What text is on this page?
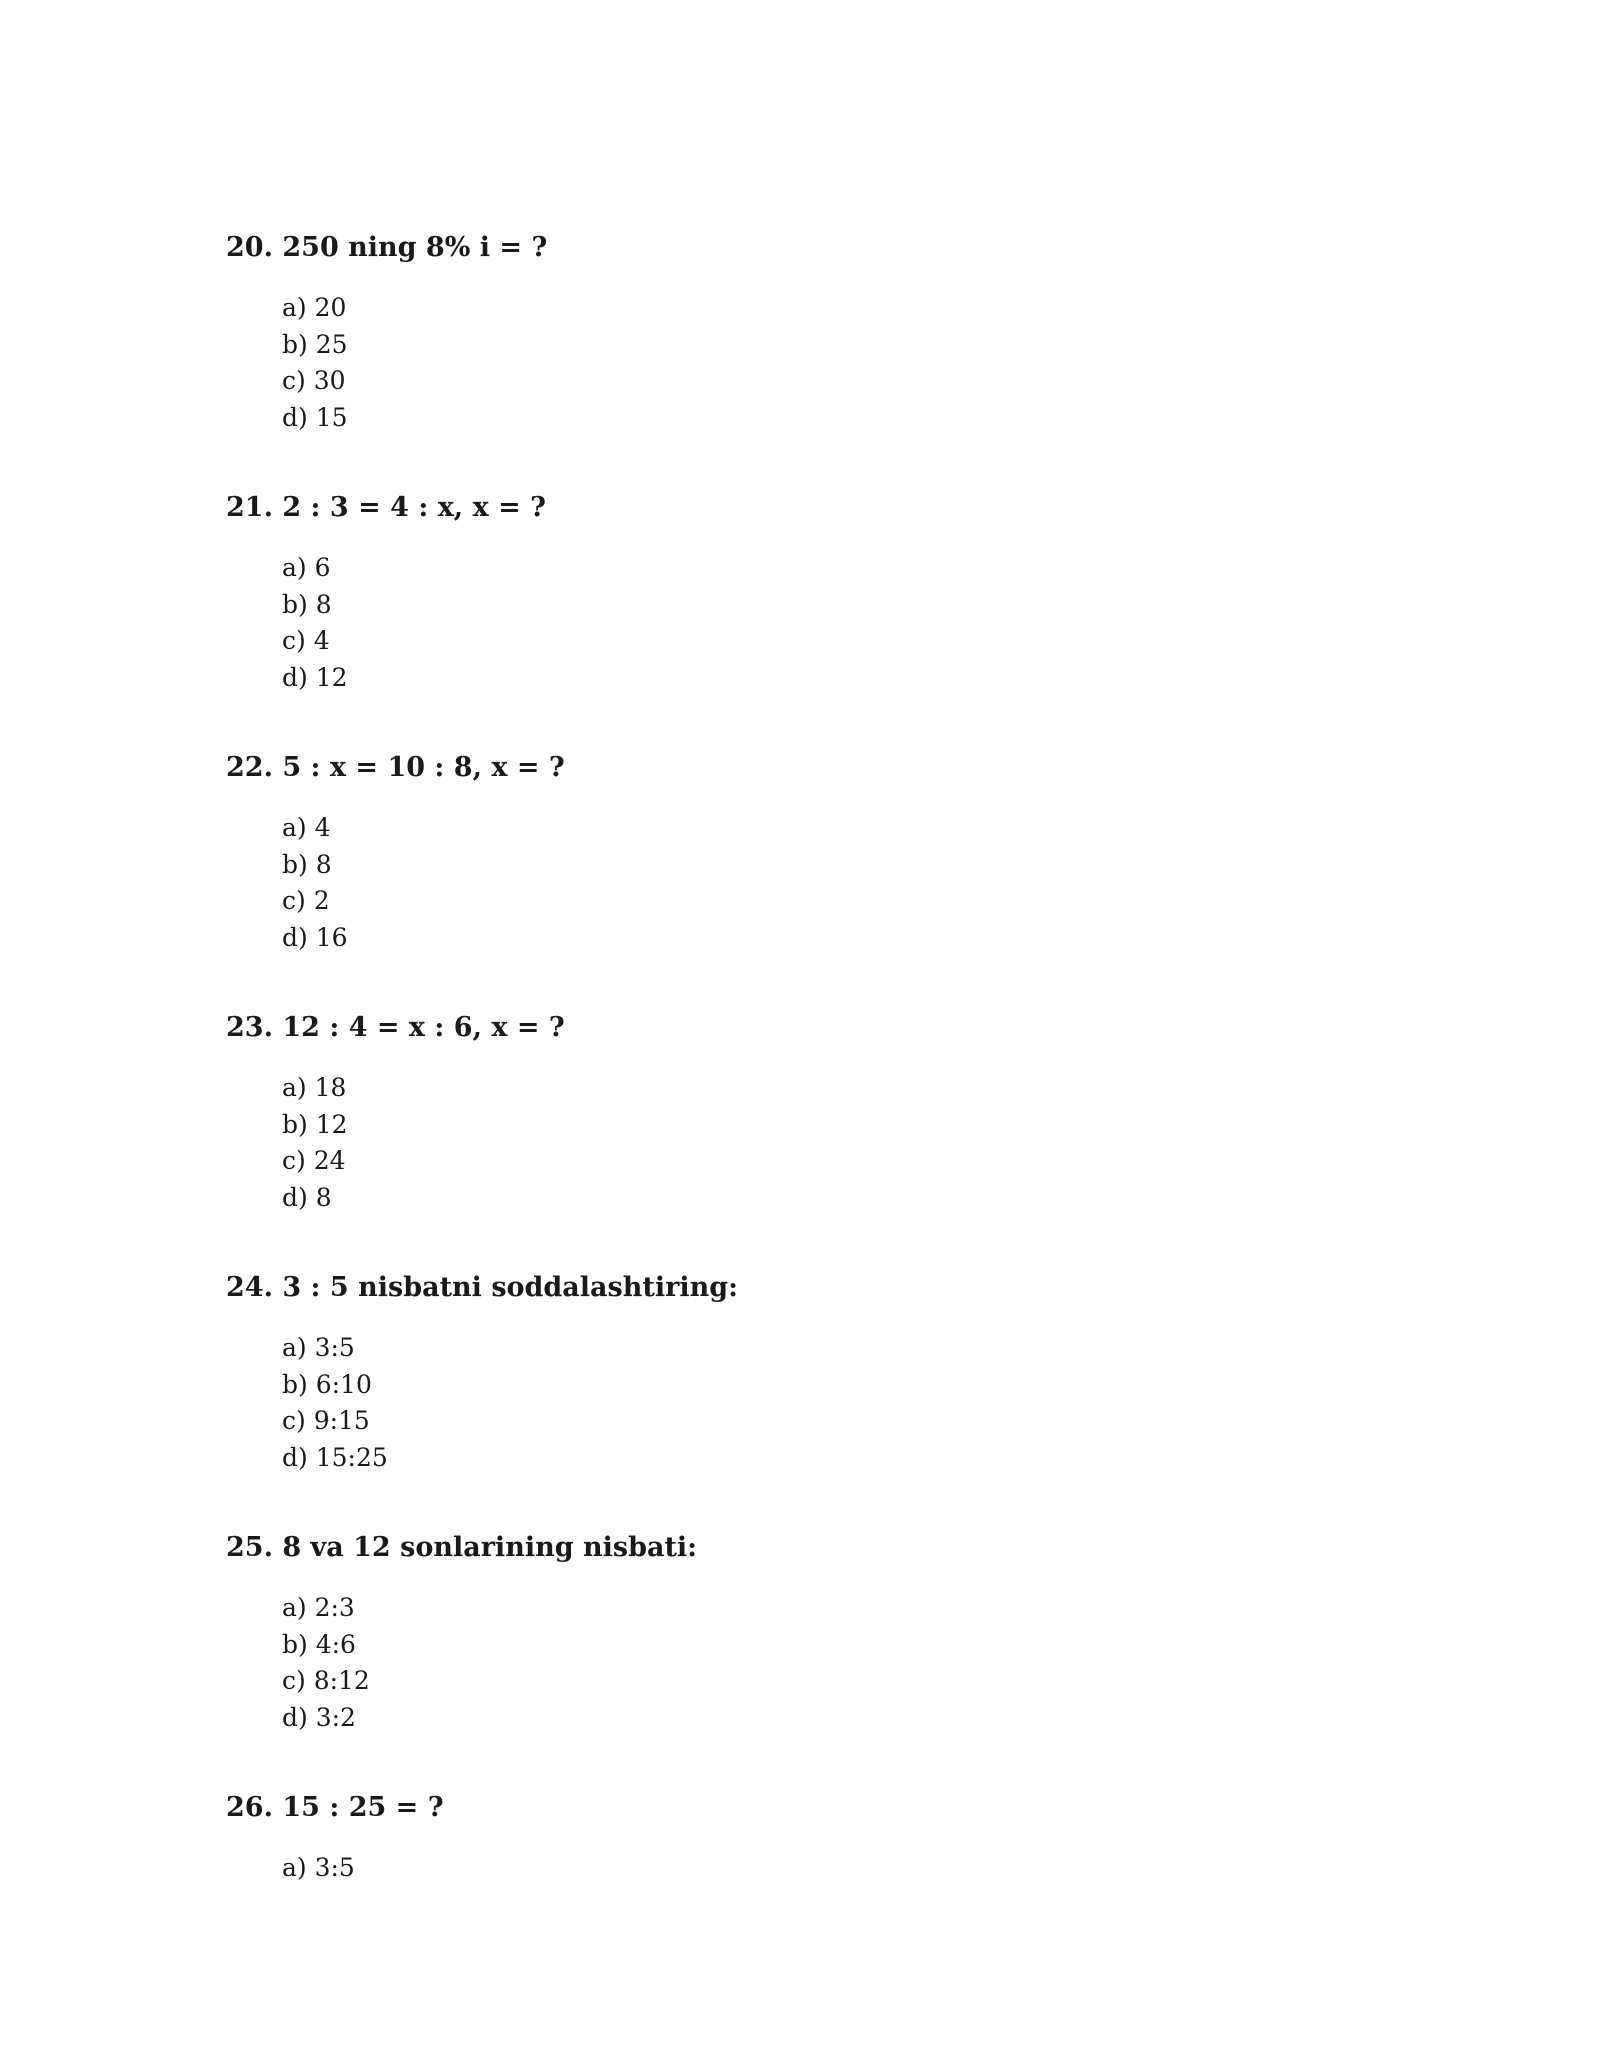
20. 250 ning 8% i = ?
a) 20
b) 25
c) 30
d) 15
21. 2 : 3 = 4 : x, x = ?
a) 6
b) 8
c) 4
d) 12
22. 5 : x = 10 : 8, x = ?
a) 4
b) 8
c) 2
d) 16
23. 12 : 4 = x : 6, x = ?
a) 18
b) 12
c) 24
d) 8
24. 3 : 5 nisbatni soddalashtiring:
a) 3:5
b) 6:10
c) 9:15
d) 15:25
25. 8 va 12 sonlarining nisbati:
a) 2:3
b) 4:6
c) 8:12
d) 3:2
26. 15 : 25 = ?
a) 3:5
